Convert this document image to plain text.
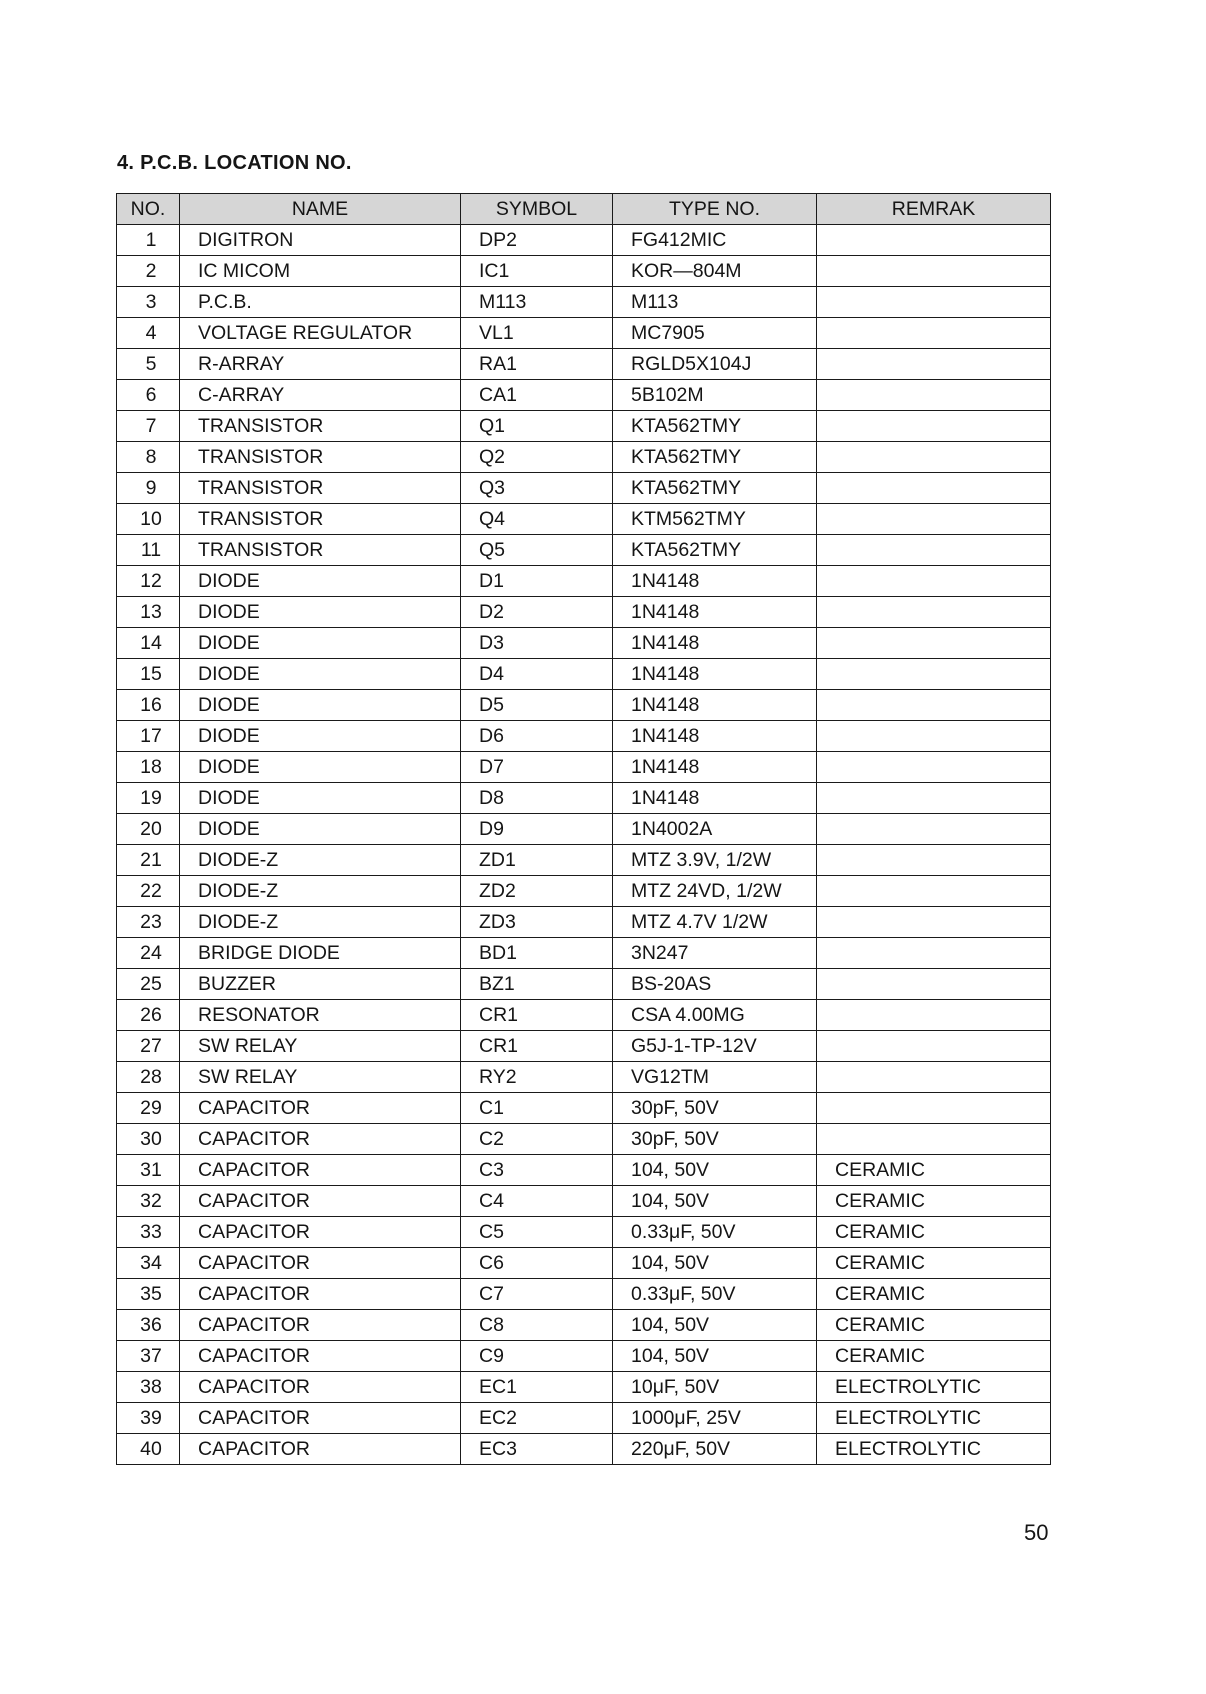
4. P.C.B. LOCATION NO.
NO.	NAME	SYMBOL	TYPE NO.	REMRAK
1	DIGITRON	DP2	FG412MIC	
2	IC MICOM	IC1	KOR—804M	
3	P.C.B.	M113	M113	
4	VOLTAGE REGULATOR	VL1	MC7905	
5	R-ARRAY	RA1	RGLD5X104J	
6	C-ARRAY	CA1	5B102M	
7	TRANSISTOR	Q1	KTA562TMY	
8	TRANSISTOR	Q2	KTA562TMY	
9	TRANSISTOR	Q3	KTA562TMY	
10	TRANSISTOR	Q4	KTM562TMY	
11	TRANSISTOR	Q5	KTA562TMY	
12	DIODE	D1	1N4148	
13	DIODE	D2	1N4148	
14	DIODE	D3	1N4148	
15	DIODE	D4	1N4148	
16	DIODE	D5	1N4148	
17	DIODE	D6	1N4148	
18	DIODE	D7	1N4148	
19	DIODE	D8	1N4148	
20	DIODE	D9	1N4002A	
21	DIODE-Z	ZD1	MTZ 3.9V, 1/2W	
22	DIODE-Z	ZD2	MTZ 24VD, 1/2W	
23	DIODE-Z	ZD3	MTZ 4.7V 1/2W	
24	BRIDGE DIODE	BD1	3N247	
25	BUZZER	BZ1	BS-20AS	
26	RESONATOR	CR1	CSA 4.00MG	
27	SW RELAY	CR1	G5J-1-TP-12V	
28	SW RELAY	RY2	VG12TM	
29	CAPACITOR	C1	30pF, 50V	
30	CAPACITOR	C2	30pF, 50V	
31	CAPACITOR	C3	104, 50V	CERAMIC
32	CAPACITOR	C4	104, 50V	CERAMIC
33	CAPACITOR	C5	0.33μF, 50V	CERAMIC
34	CAPACITOR	C6	104, 50V	CERAMIC
35	CAPACITOR	C7	0.33μF, 50V	CERAMIC
36	CAPACITOR	C8	104, 50V	CERAMIC
37	CAPACITOR	C9	104, 50V	CERAMIC
38	CAPACITOR	EC1	10μF, 50V	ELECTROLYTIC
39	CAPACITOR	EC2	1000μF, 25V	ELECTROLYTIC
40	CAPACITOR	EC3	220μF, 50V	ELECTROLYTIC
50
